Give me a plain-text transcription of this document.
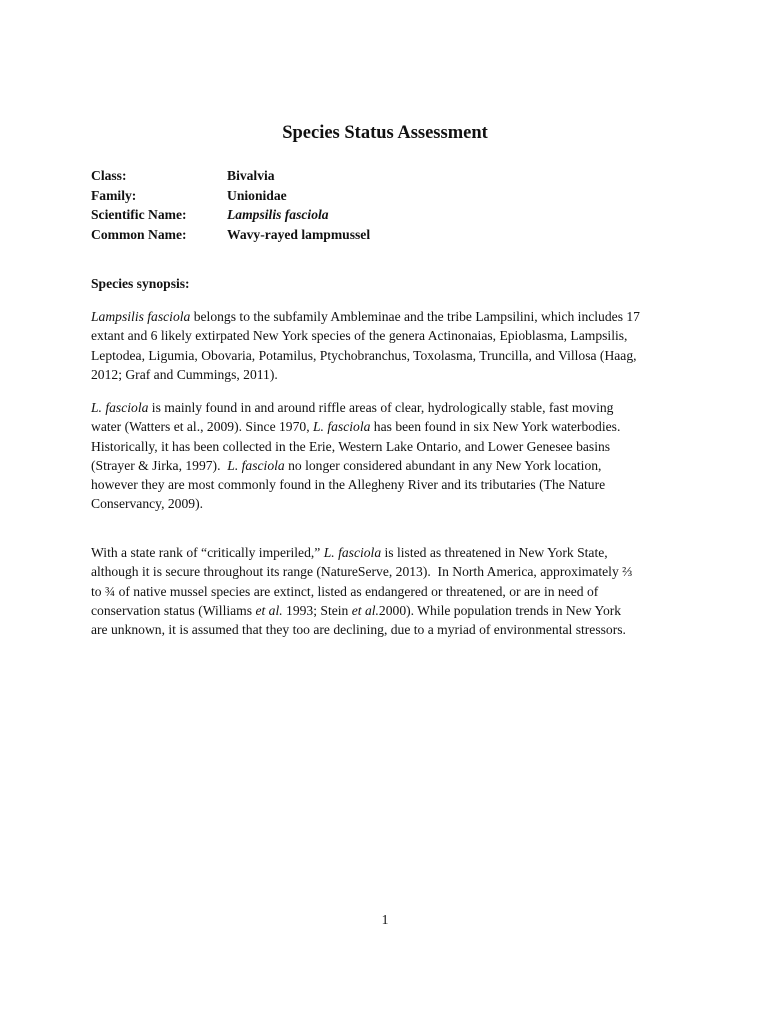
Species Status Assessment
Class:	Bivalvia
Family:	Unionidae
Scientific Name:	Lampsilis fasciola
Common Name:	Wavy-rayed lampmussel
Species synopsis:
Lampsilis fasciola belongs to the subfamily Ambleminae and the tribe Lampsilini, which includes 17
extant and 6 likely extirpated New York species of the genera Actinonaias, Epioblasma, Lampsilis,
Leptodea, Ligumia, Obovaria, Potamilus, Ptychobranchus, Toxolasma, Truncilla, and Villosa (Haag,
2012; Graf and Cummings, 2011).
L. fasciola is mainly found in and around riffle areas of clear, hydrologically stable, fast moving
water (Watters et al., 2009). Since 1970, L. fasciola has been found in six New York waterbodies.
Historically, it has been collected in the Erie, Western Lake Ontario, and Lower Genesee basins
(Strayer & Jirka, 1997).  L. fasciola no longer considered abundant in any New York location,
however they are most commonly found in the Allegheny River and its tributaries (The Nature
Conservancy, 2009).
With a state rank of “critically imperiled,” L. fasciola is listed as threatened in New York State,
although it is secure throughout its range (NatureServe, 2013).  In North America, approximately ⅔
to ¾ of native mussel species are extinct, listed as endangered or threatened, or are in need of
conservation status (Williams et al. 1993; Stein et al.2000). While population trends in New York
are unknown, it is assumed that they too are declining, due to a myriad of environmental stressors.
1
